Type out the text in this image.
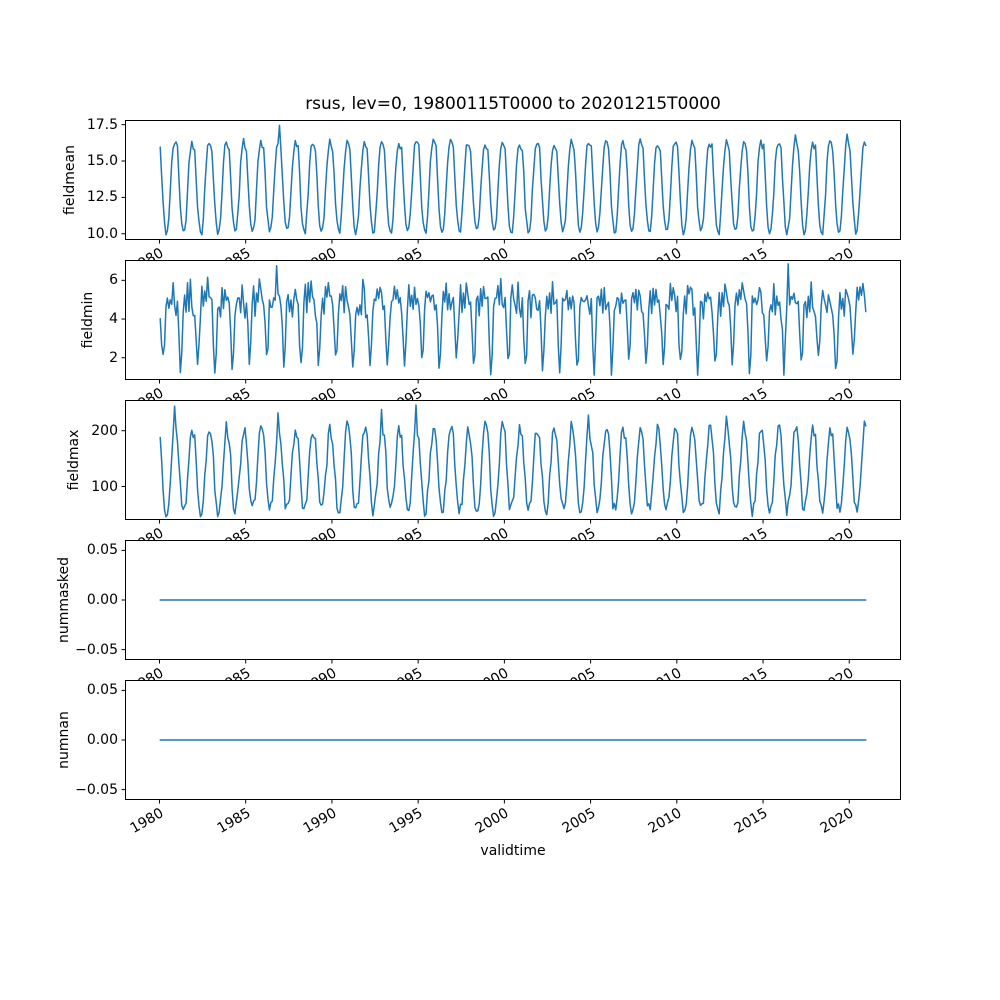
rsus, lev=0, 19800115T0000 to 20201215T0000
fieldmean
10.0
12.5
15.0
17.5
fieldmin
2
4
6
fieldmax 100
200
nummasked
−0.05
0.00
0.05
numnan
−0.05
0.00
0.05
1980	1985	1990	1995	2000	2005	2010	2015	2020
validtime
